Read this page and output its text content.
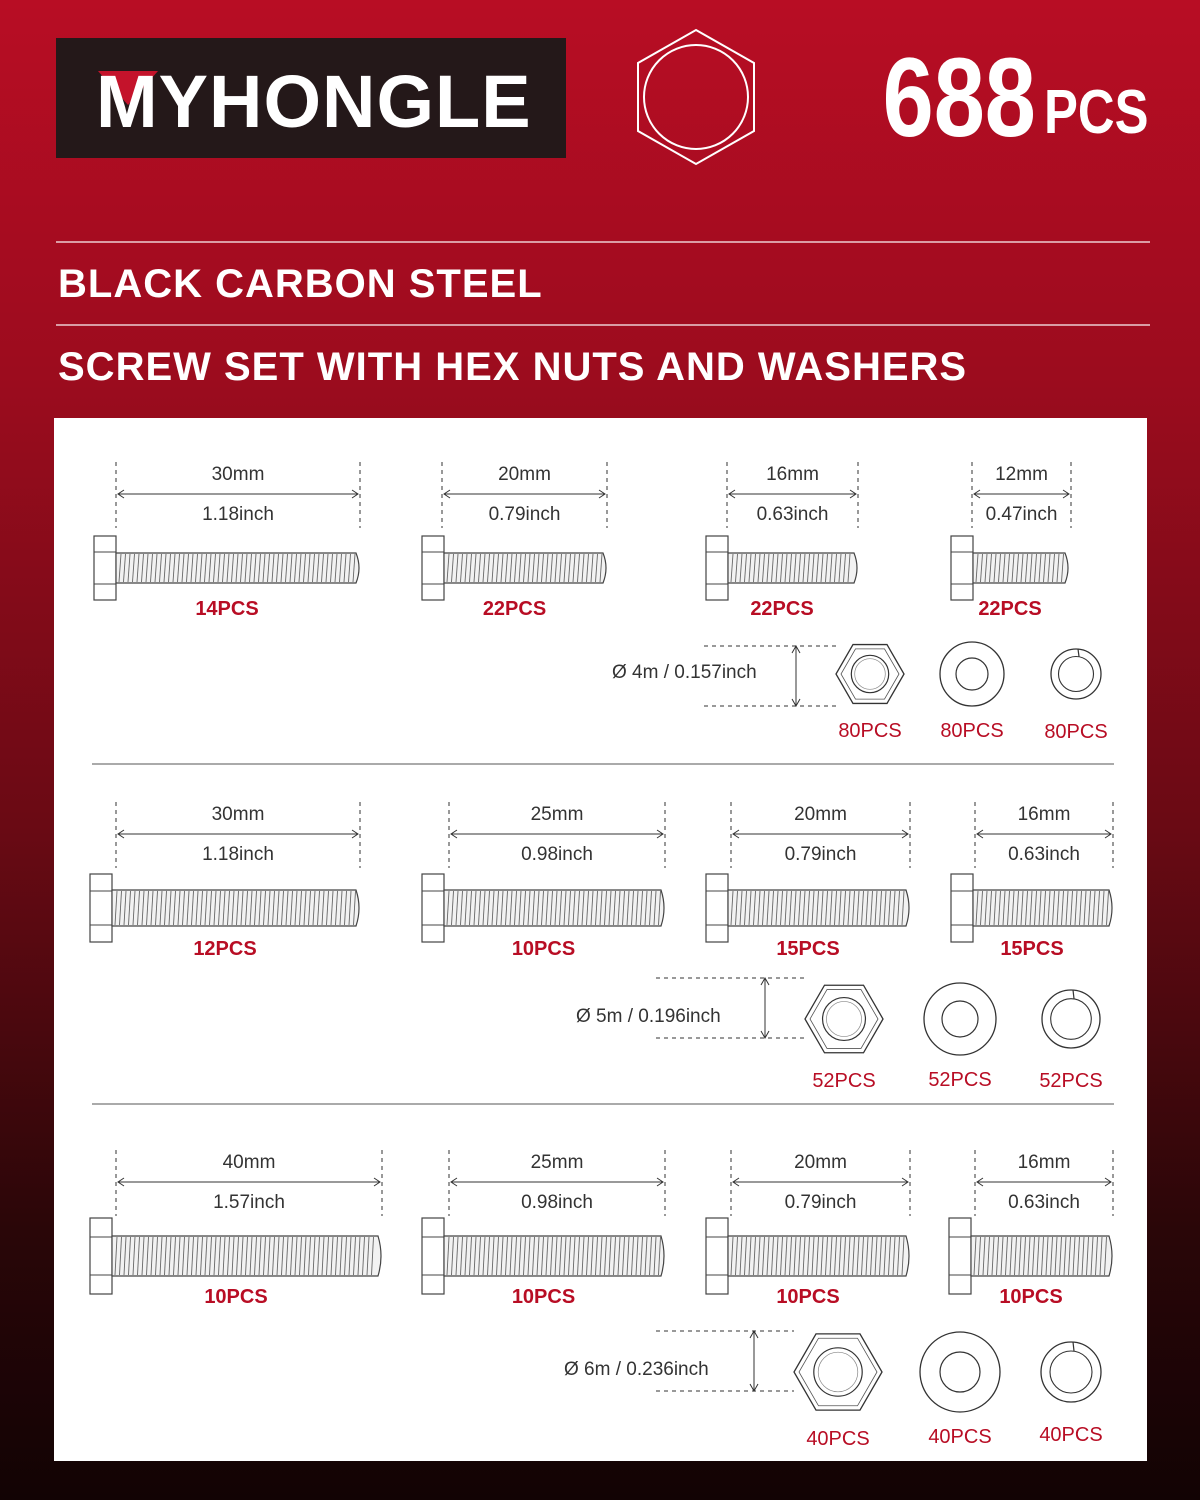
MYHONGLE	688 PCS
BLACK CARBON STEEL
SCREW SET WITH HEX NUTS AND WASHERS
30mm
1.18inch
14PCS
20mm
0.79inch
22PCS
16mm
0.63inch
22PCS
12mm
0.47inch
22PCS
Ø 4m / 0.157inch
80PCS 80PCS 80PCS
30mm
1.18inch
12PCS
25mm
0.98inch
10PCS
20mm
0.79inch
15PCS
16mm
0.63inch
15PCS
Ø 5m / 0.196inch
52PCS	52PCS 52PCS
40mm
1.57inch
10PCS
25mm
0.98inch
10PCS
20mm
0.79inch
10PCS
16mm
0.63inch
10PCS
Ø 6m / 0.236inch
40PCS	40PCS 40PCS
